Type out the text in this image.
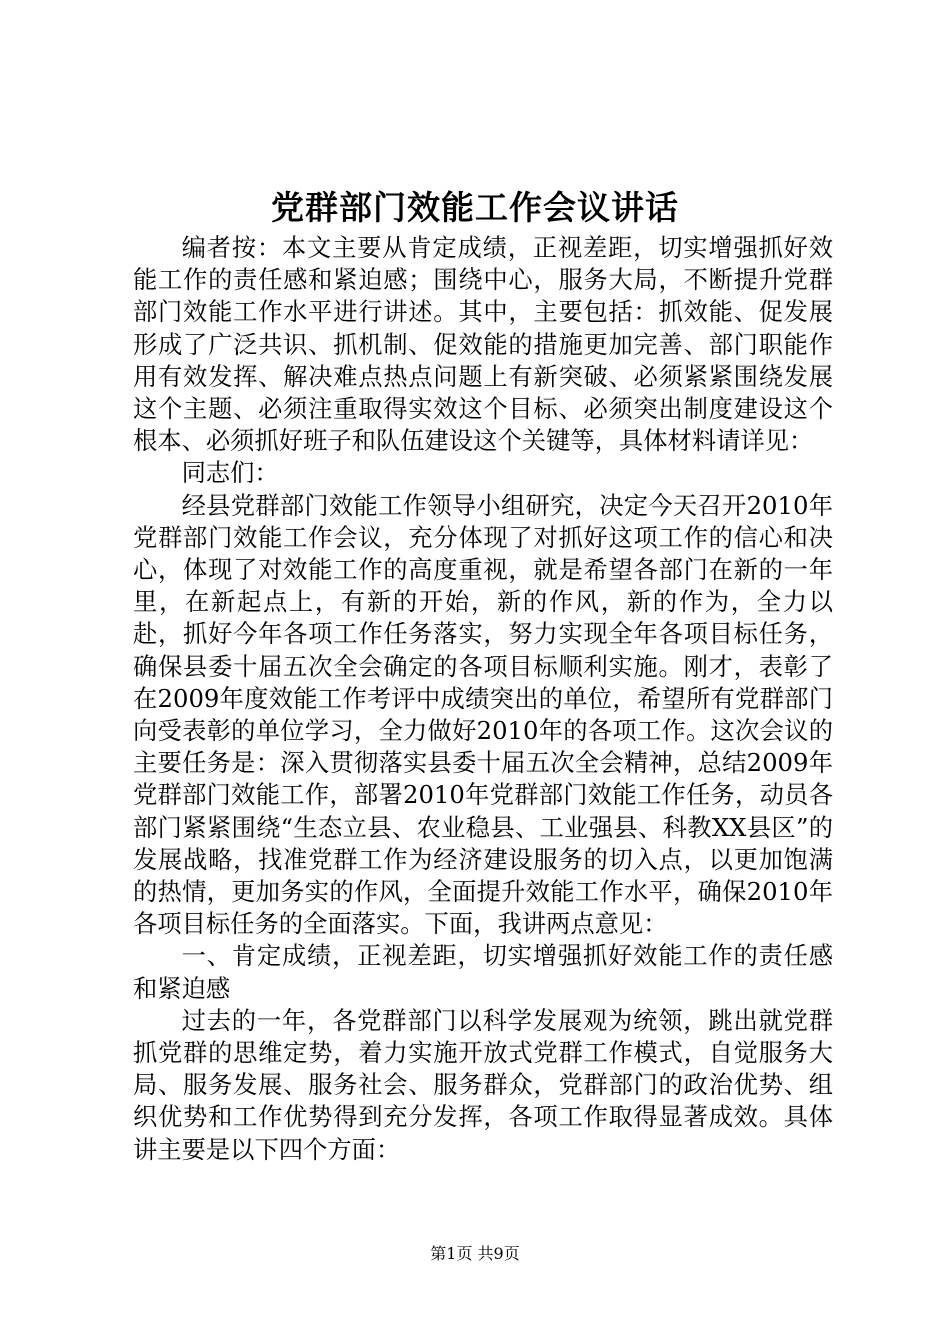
党群部门效能工作会议讲话

编者按：本文主要从肯定成绩，正视差距，切实增强抓好效能工作的责任感和紧迫感；围绕中心，服务大局，不断提升党群部门效能工作水平进行讲述。其中，主要包括：抓效能、促发展形成了广泛共识、抓机制、促效能的措施更加完善、部门职能作用有效发挥、解决难点热点问题上有新突破、必须紧紧围绕发展这个主题、必须注重取得实效这个目标、必须突出制度建设这个根本、必须抓好班子和队伍建设这个关键等，具体材料请详见：

同志们：

经县党群部门效能工作领导小组研究，决定今天召开2010年党群部门效能工作会议，充分体现了对抓好这项工作的信心和决心，体现了对效能工作的高度重视，就是希望各部门在新的一年里，在新起点上，有新的开始，新的作风，新的作为，全力以赴，抓好今年各项工作任务落实，努力实现全年各项目标任务，确保县委十届五次全会确定的各项目标顺利实施。刚才，表彰了在2009年度效能工作考评中成绩突出的单位，希望所有党群部门向受表彰的单位学习，全力做好2010年的各项工作。这次会议的主要任务是：深入贯彻落实县委十届五次全会精神，总结2009年党群部门效能工作，部署2010年党群部门效能工作任务，动员各部门紧紧围绕“生态立县、农业稳县、工业强县、科教XX县区”的发展战略，找准党群工作为经济建设服务的切入点，以更加饱满的热情，更加务实的作风，全面提升效能工作水平，确保2010年各项目标任务的全面落实。下面，我讲两点意见：

一、肯定成绩，正视差距，切实增强抓好效能工作的责任感和紧迫感

过去的一年，各党群部门以科学发展观为统领，跳出就党群抓党群的思维定势，着力实施开放式党群工作模式，自觉服务大局、服务发展、服务社会、服务群众，党群部门的政治优势、组织优势和工作优势得到充分发挥，各项工作取得显著成效。具体讲主要是以下四个方面：

第1页 共9页
